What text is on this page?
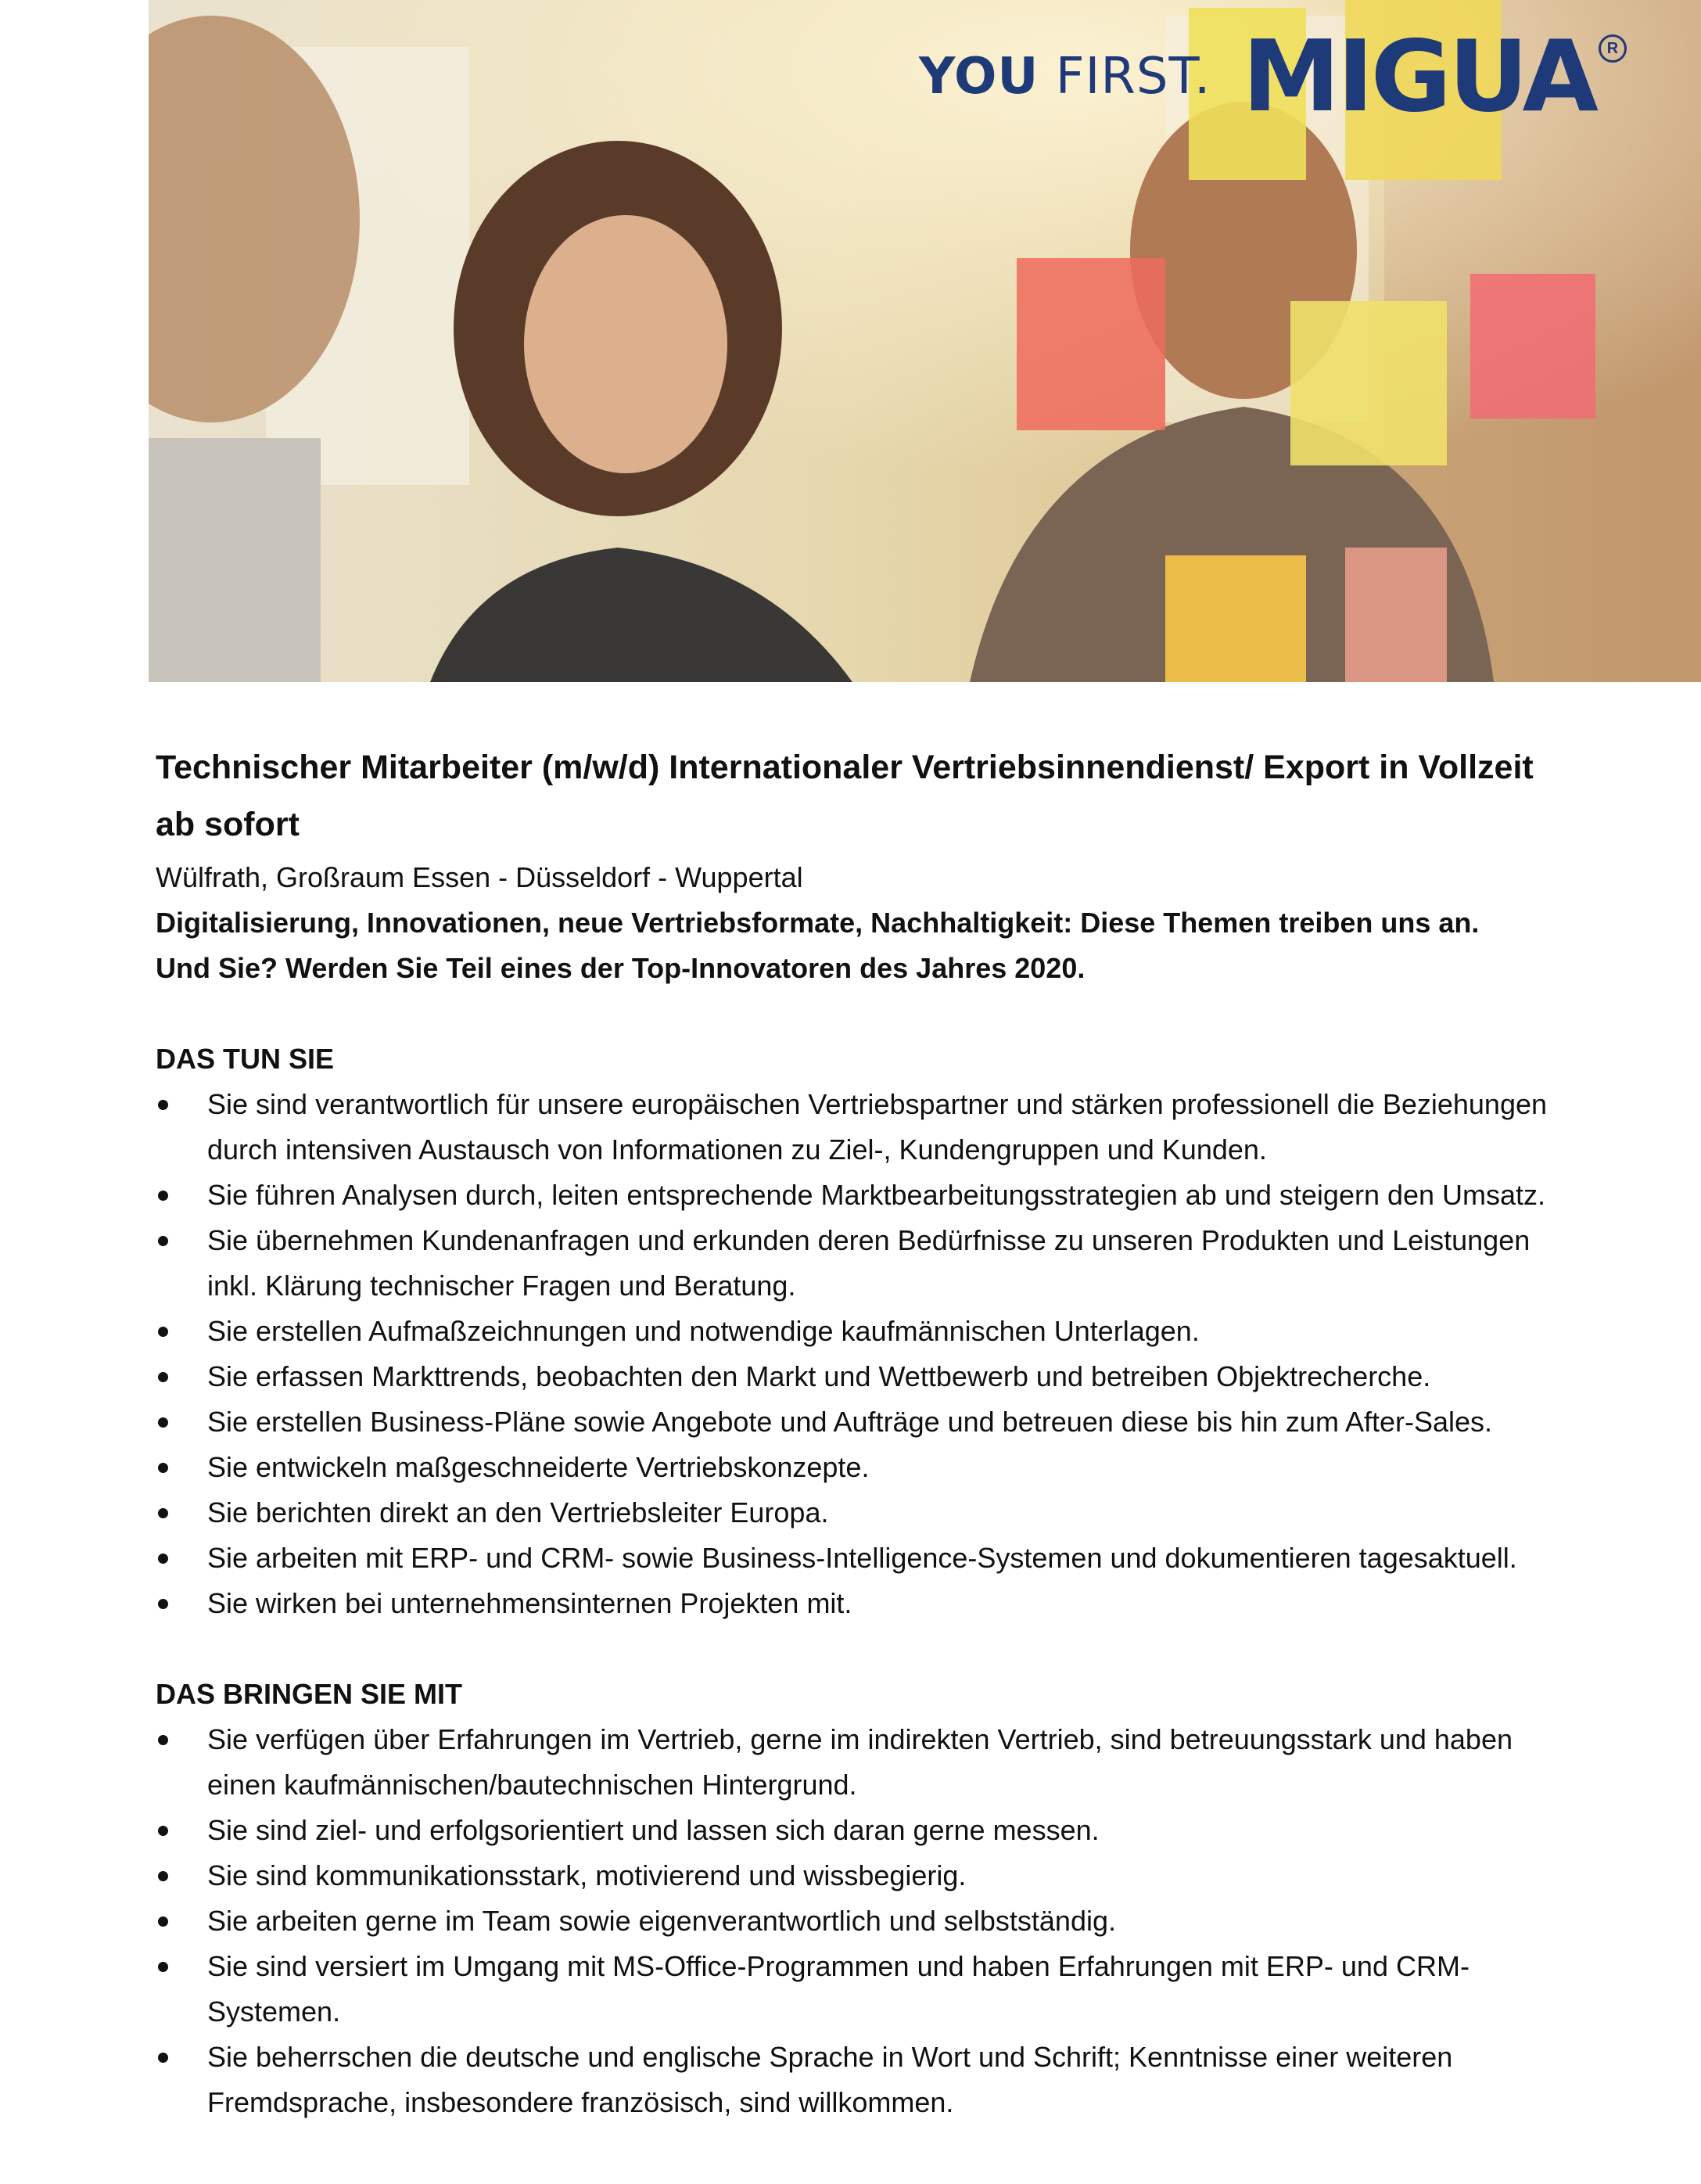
YOU FIRST. MIGUA R
Technischer Mitarbeiter (m/w/d) Internationaler Vertriebsinnendienst/ Export in Vollzeit ab sofort
Wülfrath, Großraum Essen - Düsseldorf - Wuppertal
Digitalisierung, Innovationen, neue Vertriebsformate, Nachhaltigkeit: Diese Themen treiben uns an.
Und Sie? Werden Sie Teil eines der Top-Innovatoren des Jahres 2020.
DAS TUN SIE
Sie sind verantwortlich für unsere europäischen Vertriebspartner und stärken professionell die Beziehungen durch intensiven Austausch von Informationen zu Ziel-, Kundengruppen und Kunden.
Sie führen Analysen durch, leiten entsprechende Marktbearbeitungsstrategien ab und steigern den Umsatz.
Sie übernehmen Kundenanfragen und erkunden deren Bedürfnisse zu unseren Produkten und Leistungen inkl. Klärung technischer Fragen und Beratung.
Sie erstellen Aufmaßzeichnungen und notwendige kaufmännischen Unterlagen.
Sie erfassen Markttrends, beobachten den Markt und Wettbewerb und betreiben Objektrecherche.
Sie erstellen Business-Pläne sowie Angebote und Aufträge und betreuen diese bis hin zum After-Sales.
Sie entwickeln maßgeschneiderte Vertriebskonzepte.
Sie berichten direkt an den Vertriebsleiter Europa.
Sie arbeiten mit ERP- und CRM- sowie Business-Intelligence-Systemen und dokumentieren tagesaktuell.
Sie wirken bei unternehmensinternen Projekten mit.
DAS BRINGEN SIE MIT
Sie verfügen über Erfahrungen im Vertrieb, gerne im indirekten Vertrieb, sind betreuungsstark und haben einen kaufmännischen/bautechnischen Hintergrund.
Sie sind ziel- und erfolgsorientiert und lassen sich daran gerne messen.
Sie sind kommunikationsstark, motivierend und wissbegierig.
Sie arbeiten gerne im Team sowie eigenverantwortlich und selbstständig.
Sie sind versiert im Umgang mit MS-Office-Programmen und haben Erfahrungen mit ERP- und CRM-Systemen.
Sie beherrschen die deutsche und englische Sprache in Wort und Schrift; Kenntnisse einer weiteren Fremdsprache, insbesondere französisch, sind willkommen.
